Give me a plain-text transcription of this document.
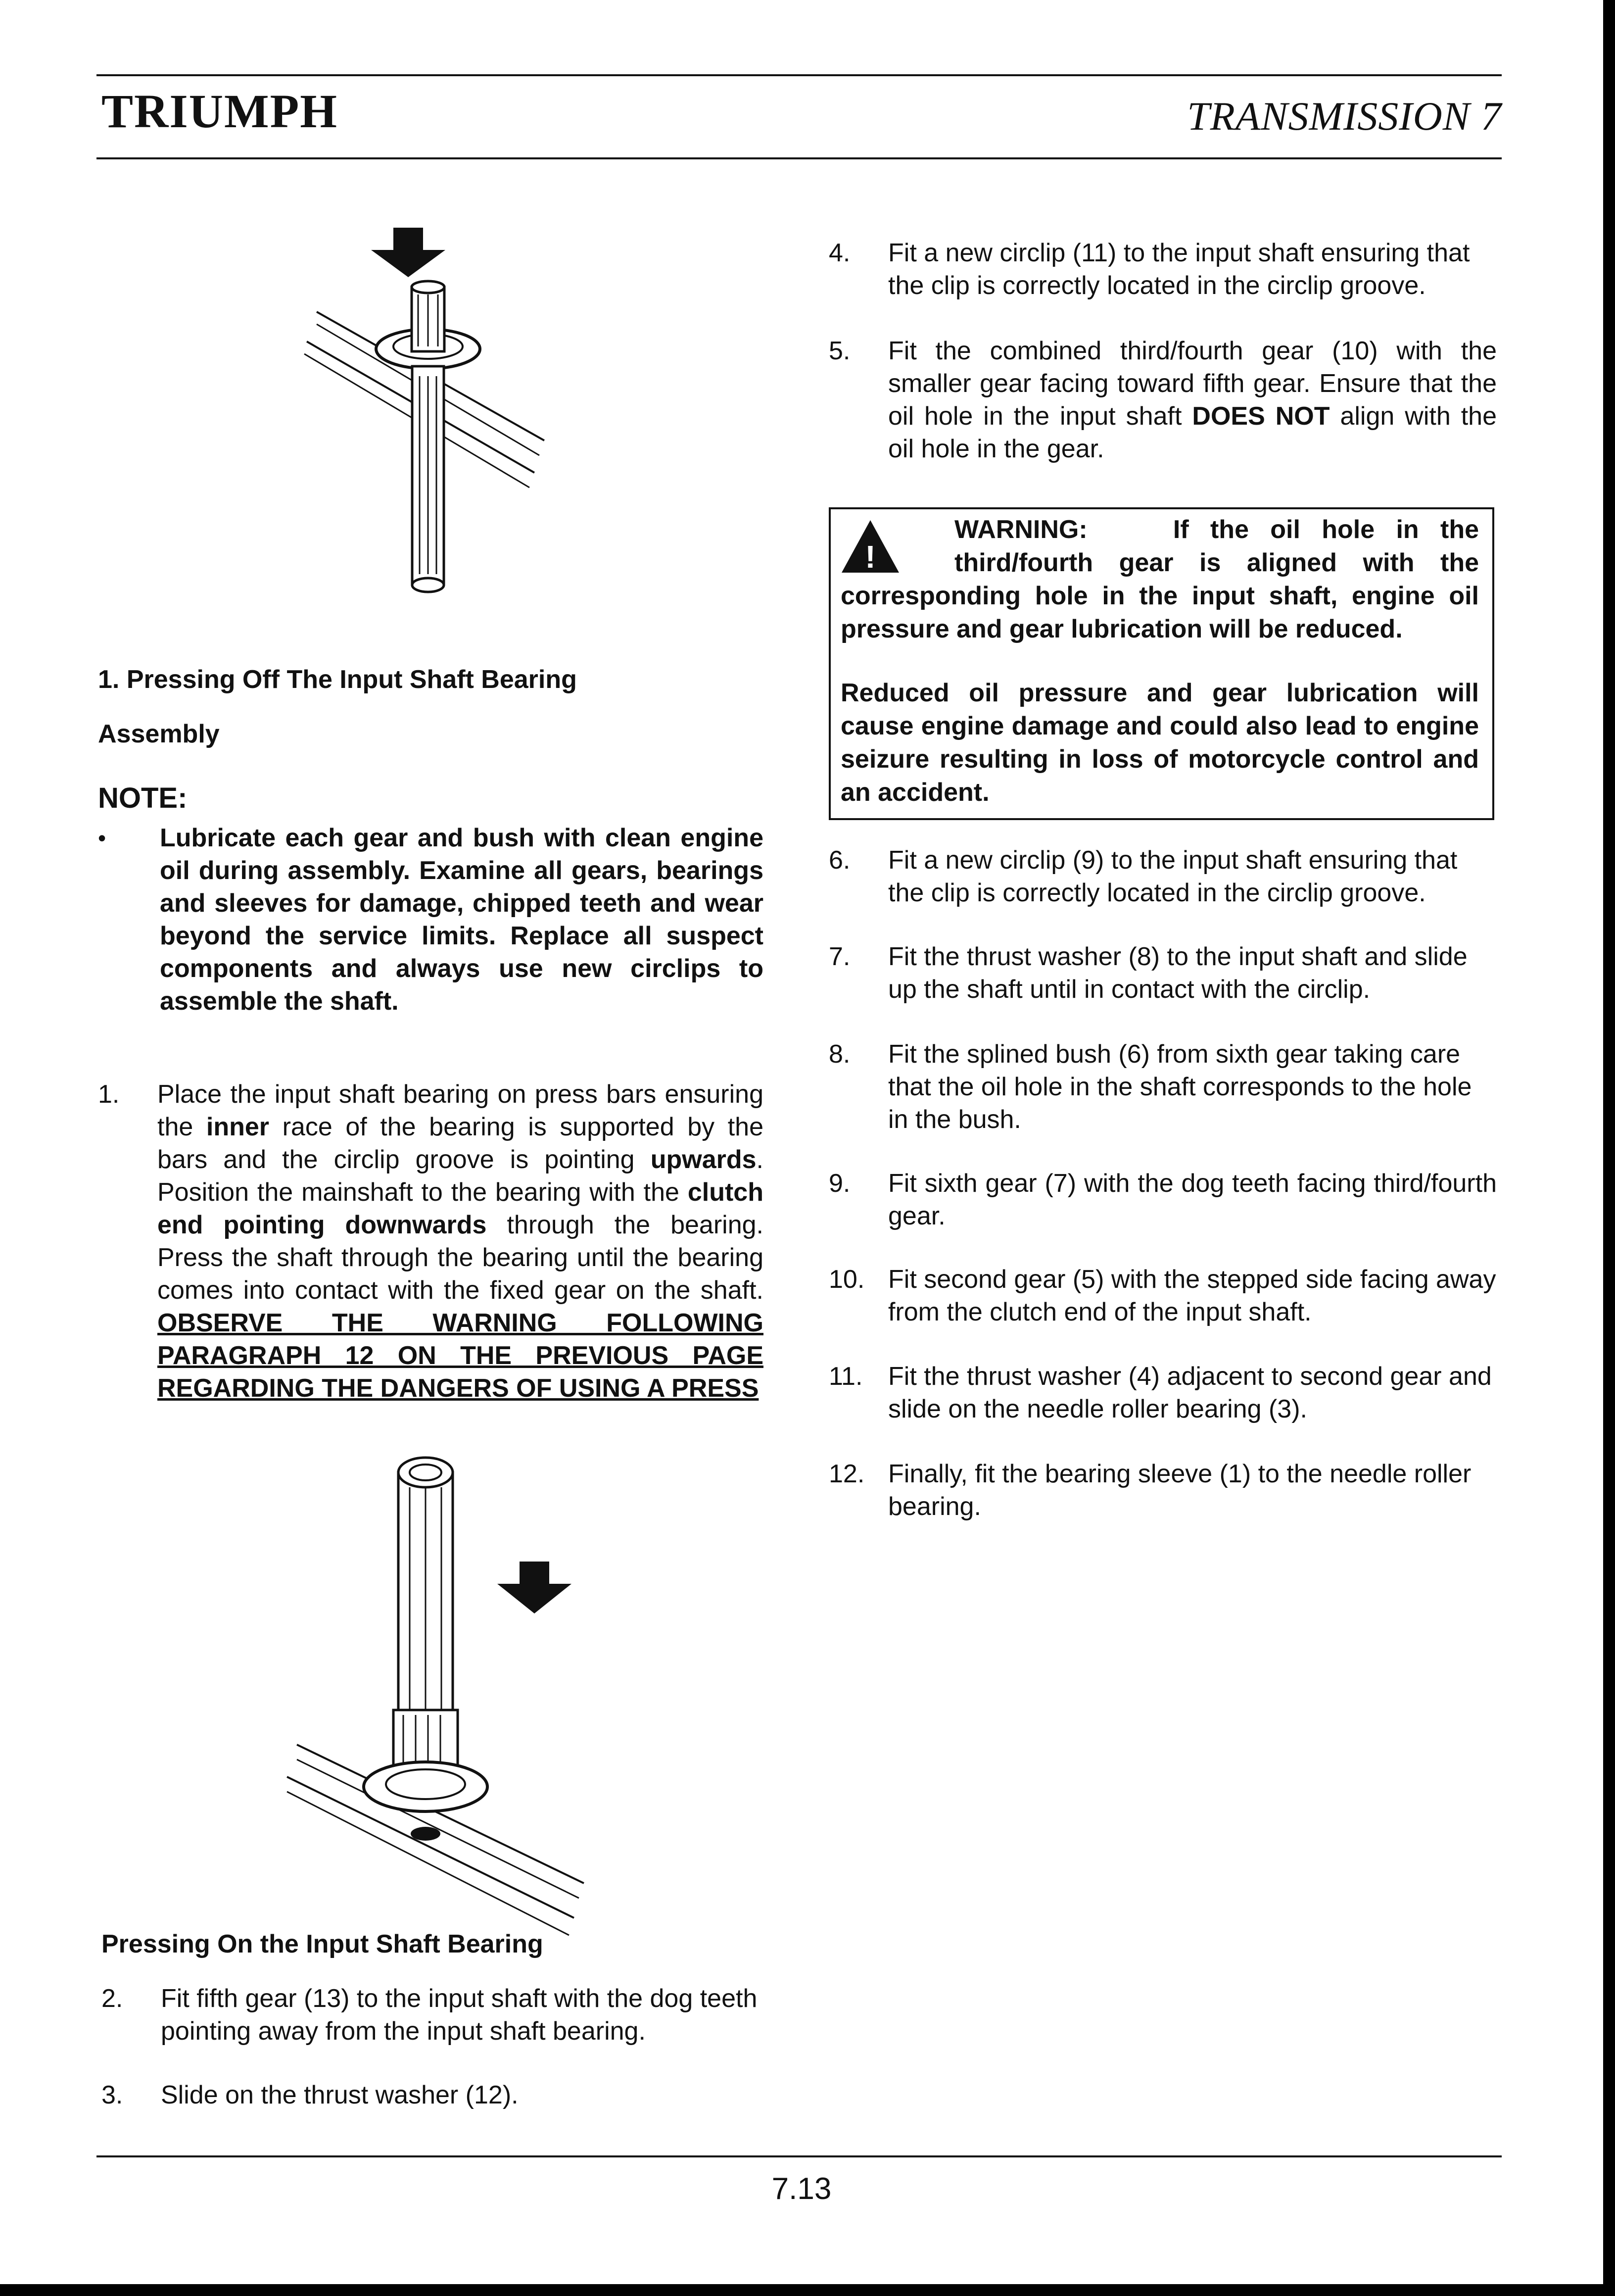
TRIUMPH	TRANSMISSION 7
1. Pressing Off The Input Shaft Bearing
Assembly
NOTE:
• Lubricate each gear and bush with clean engine oil during assembly. Examine all gears, bearings and sleeves for damage, chipped teeth and wear beyond the service limits. Replace all suspect components and always use new circlips to assemble the shaft.
1. Place the input shaft bearing on press bars ensuring the inner race of the bearing is supported by the bars and the circlip groove is pointing upwards. Position the mainshaft to the bearing with the clutch end pointing downwards through the bearing. Press the shaft through the bearing until the bearing comes into contact with the fixed gear on the shaft. OBSERVE THE WARNING FOLLOWING PARAGRAPH 12 ON THE PREVIOUS PAGE REGARDING THE DANGERS OF USING A PRESS
Pressing On the Input Shaft Bearing
2. Fit fifth gear (13) to the input shaft with the dog teeth pointing away from the input shaft bearing.
3. Slide on the thrust washer (12).
4. Fit a new circlip (11) to the input shaft ensuring that the clip is correctly located in the circlip groove.
5. Fit the combined third/fourth gear (10) with the smaller gear facing toward fifth gear. Ensure that the oil hole in the input shaft DOES NOT align with the oil hole in the gear.
!
WARNING:	If the oil hole in the third/fourth gear is aligned with the corresponding hole in the input shaft, engine oil pressure and gear lubrication will be reduced.
Reduced oil pressure and gear lubrication will cause engine damage and could also lead to engine seizure resulting in loss of motorcycle control and an accident.
6. Fit a new circlip (9) to the input shaft ensuring that the clip is correctly located in the circlip groove.
7. Fit the thrust washer (8) to the input shaft and slide up the shaft until in contact with the circlip.
8. Fit the splined bush (6) from sixth gear taking care that the oil hole in the shaft corresponds to the hole in the bush.
9. Fit sixth gear (7) with the dog teeth facing third/fourth gear.
10. Fit second gear (5) with the stepped side facing away from the clutch end of the input shaft.
11. Fit the thrust washer (4) adjacent to second gear and slide on the needle roller bearing (3).
12. Finally, fit the bearing sleeve (1) to the needle roller bearing.
7.13
